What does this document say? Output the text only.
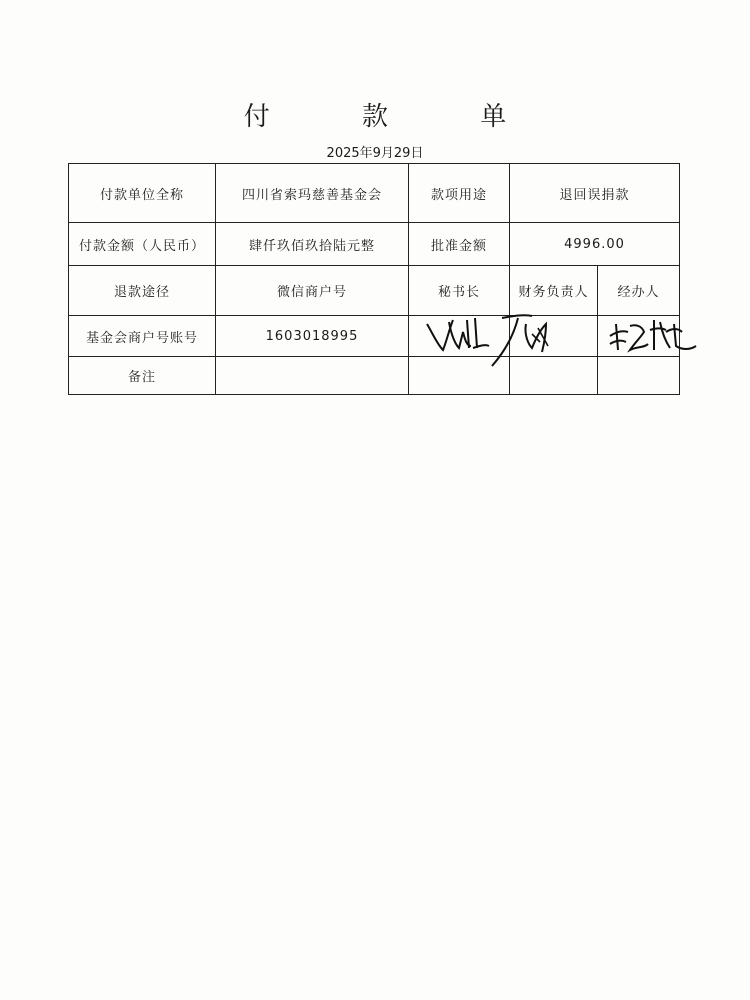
付 款 单
2025年9月29日
付款单位全称	四川省索玛慈善基金会	款项用途	退回误捐款	
付款金额（人民币）	肆仟玖佰玖拾陆元整	批准金额	4996.00	
退款途径	微信商户号	秘书长	财务负责人	经办人
基金会商户号账号	1603018995	

备注				
